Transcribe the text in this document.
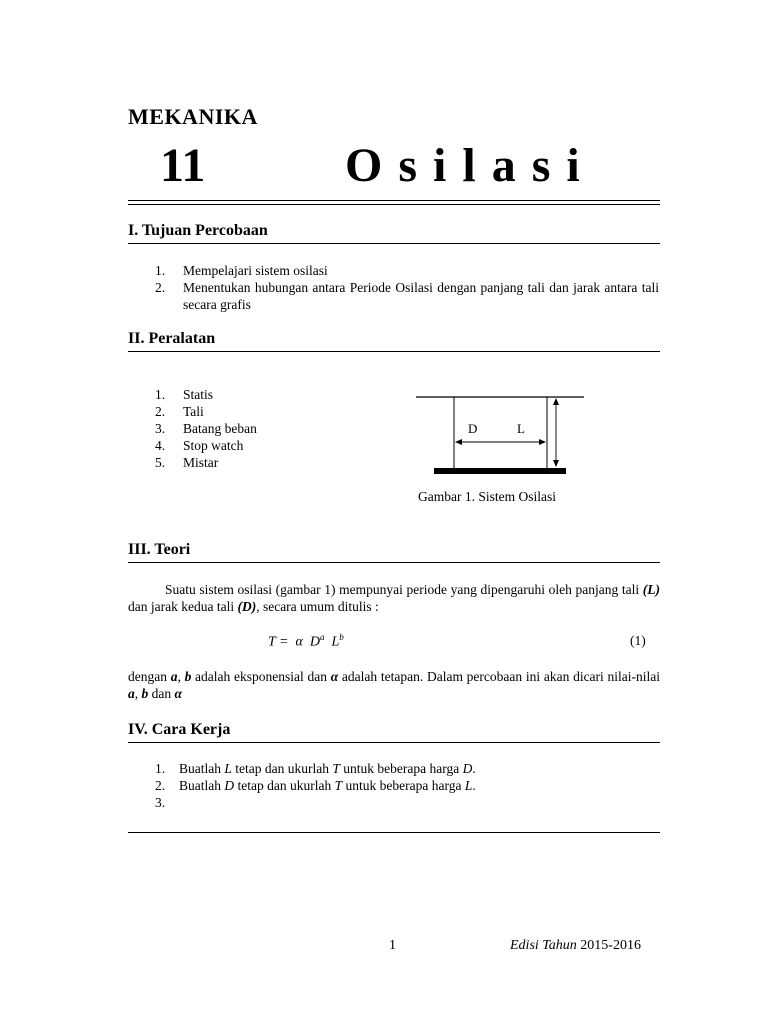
MEKANIKA
11	Osilasi
I. Tujuan Percobaan
1. Mempelajari sistem osilasi
2. Menentukan hubungan antara Periode Osilasi dengan panjang tali dan jarak antara tali secara grafis
II. Peralatan
1. Statis
2. Tali
3. Batang beban
4. Stop watch
5. Mistar
D	L
Gambar 1. Sistem Osilasi
III. Teori
Suatu sistem osilasi (gambar 1) mempunyai periode yang dipengaruhi oleh panjang tali (L) dan jarak kedua tali (D), secara umum ditulis :
T = α $D^a$ $L^b$	(1)
dengan a, b adalah eksponensial dan α adalah tetapan. Dalam percobaan ini akan dicari nilai-nilai a, b dan α
IV. Cara Kerja
1. Buatlah L tetap dan ukurlah T untuk beberapa harga D.
2. Buatlah D tetap dan ukurlah T untuk beberapa harga L.
3.
1	Edisi Tahun 2015-2016
